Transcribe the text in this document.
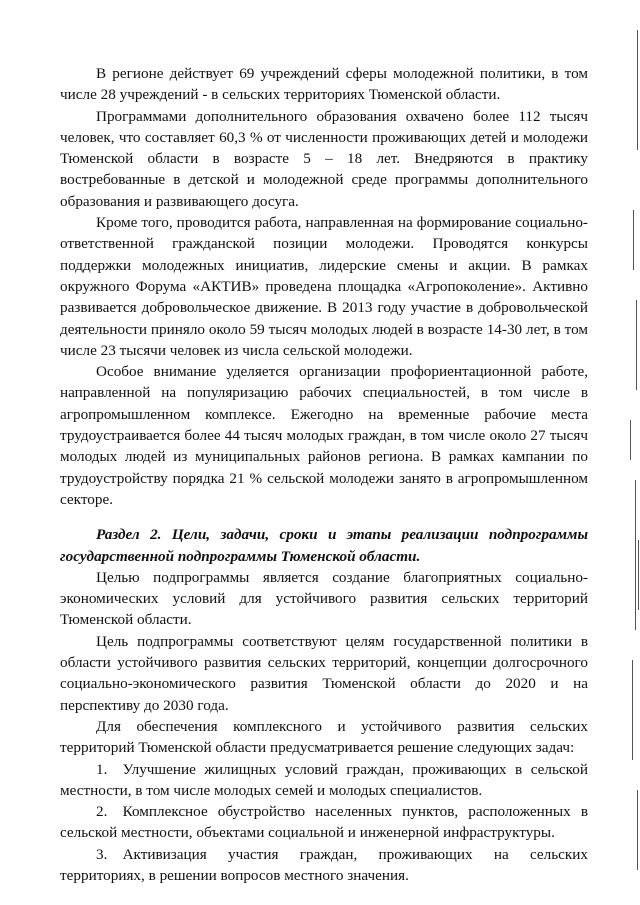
В регионе действует 69 учреждений сферы молодежной политики, в том числе 28 учреждений - в сельских территориях Тюменской области.

Программами дополнительного образования охвачено более 112 тысяч человек, что составляет 60,3 % от численности проживающих детей и молодежи Тюменской области в возрасте 5 – 18 лет. Внедряются в практику востребованные в детской и молодежной среде программы дополнительного образования и развивающего досуга.

Кроме того, проводится работа, направленная на формирование социально-ответственной гражданской позиции молодежи. Проводятся конкурсы поддержки молодежных инициатив, лидерские смены и акции. В рамках окружного Форума «АКТИВ» проведена площадка «Агропоколение». Активно развивается добровольческое движение. В 2013 году участие в добровольческой деятельности приняло около 59 тысяч молодых людей в возрасте 14-30 лет, в том числе 23 тысячи человек из числа сельской молодежи.

Особое внимание уделяется организации профориентационной работе, направленной на популяризацию рабочих специальностей, в том числе в агропромышленном комплексе. Ежегодно на временные рабочие места трудоустраивается более 44 тысяч молодых граждан, в том числе около 27 тысяч молодых людей из муниципальных районов региона. В рамках кампании по трудоустройству порядка 21 % сельской молодежи занято в агропромышленном секторе.

Раздел 2. Цели, задачи, сроки и этапы реализации подпрограммы государственной подпрограммы Тюменской области.

Целью подпрограммы является создание благоприятных социально-экономических условий для устойчивого развития сельских территорий Тюменской области.

Цель подпрограммы соответствуют целям государственной политики в области устойчивого развития сельских территорий, концепции долгосрочного социально-экономического развития Тюменской области до 2020 и на перспективу до 2030 года.

Для обеспечения комплексного и устойчивого развития сельских территорий Тюменской области предусматривается решение следующих задач:

1. Улучшение жилищных условий граждан, проживающих в сельской местности, в том числе молодых семей и молодых специалистов.

2. Комплексное обустройство населенных пунктов, расположенных в сельской местности, объектами социальной и инженерной инфраструктуры.

3. Активизация участия граждан, проживающих на сельских территориях, в решении вопросов местного значения.
